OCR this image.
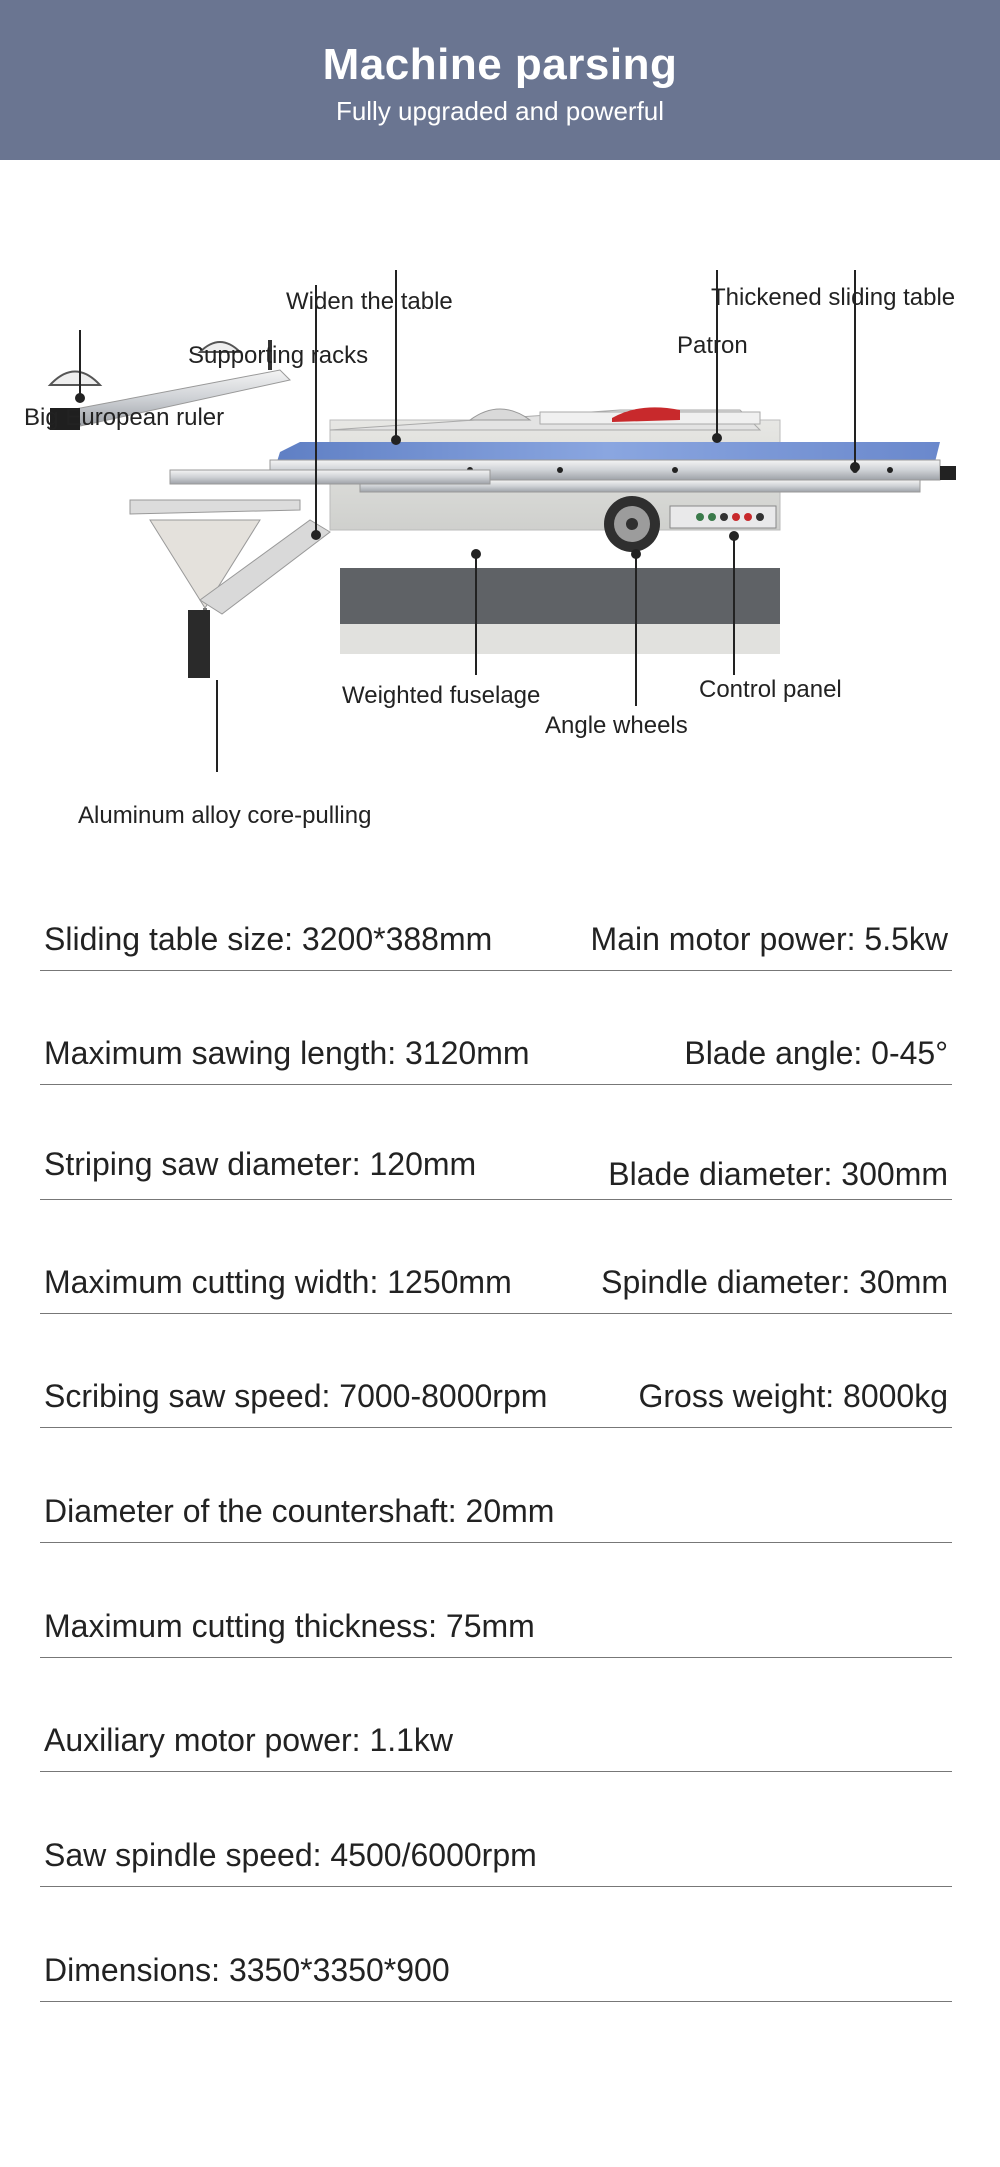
Machine parsing
Fully upgraded and powerful
Widen the table	Thickened sliding table
Patron
Supporting racks
Big European ruler
Weighted fuselage	Control panel
Angle wheels
Aluminum alloy core-pulling
Sliding table size: 3200*388mm	Main motor power: 5.5kw
Maximum sawing length: 3120mm	Blade angle: 0-45°
Striping saw diameter: 120mm	Blade diameter: 300mm
Maximum cutting width: 1250mm	Spindle diameter: 30mm
Scribing saw speed: 7000-8000rpm	Gross weight: 8000kg
Diameter of the countershaft: 20mm
Maximum cutting thickness: 75mm
Auxiliary motor power: 1.1kw
Saw spindle speed: 4500/6000rpm
Dimensions: 3350*3350*900
